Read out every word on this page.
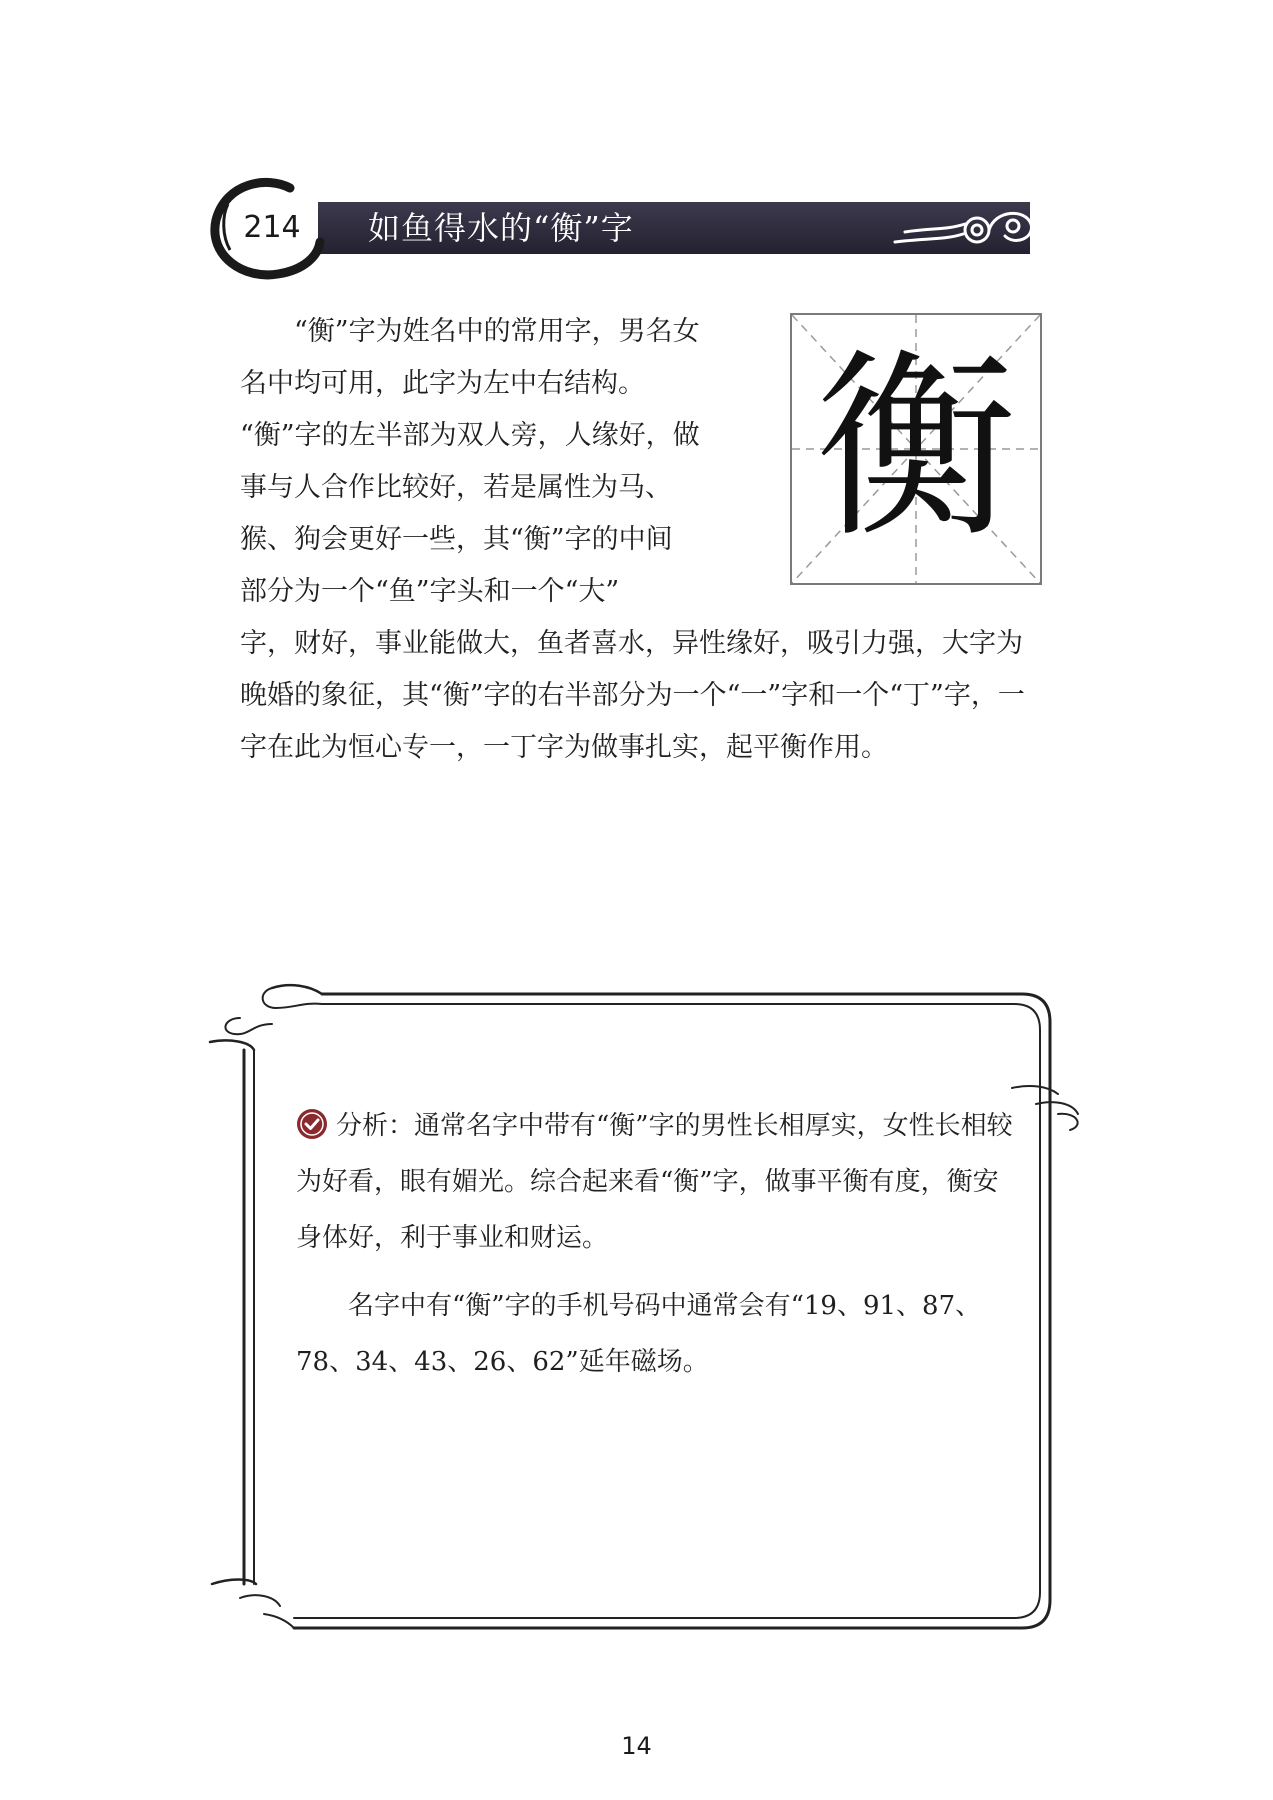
如鱼得水的“衡”字
214
衡
“衡”字为姓名中的常用字，男名女
名中均可用，此字为左中右结构。
“衡”字的左半部为双人旁，人缘好，做
事与人合作比较好，若是属性为马、
猴、狗会更好一些，其“衡”字的中间
部分为一个“鱼”字头和一个“大”
字，财好，事业能做大，鱼者喜水，异性缘好，吸引力强，大字为晚婚的象征，其“衡”字的右半部分为一个“一”字和一个“丁”字，一字在此为恒心专一，一丁字为做事扎实，起平衡作用。

分析：通常名字中带有“衡”字的男性长相厚实，女性长相较为好看，眼有媚光。综合起来看“衡”字，做事平衡有度，衡安身体好，利于事业和财运。

名字中有“衡”字的手机号码中通常会有“19、91、87、78、34、43、26、62”延年磁场。

14
